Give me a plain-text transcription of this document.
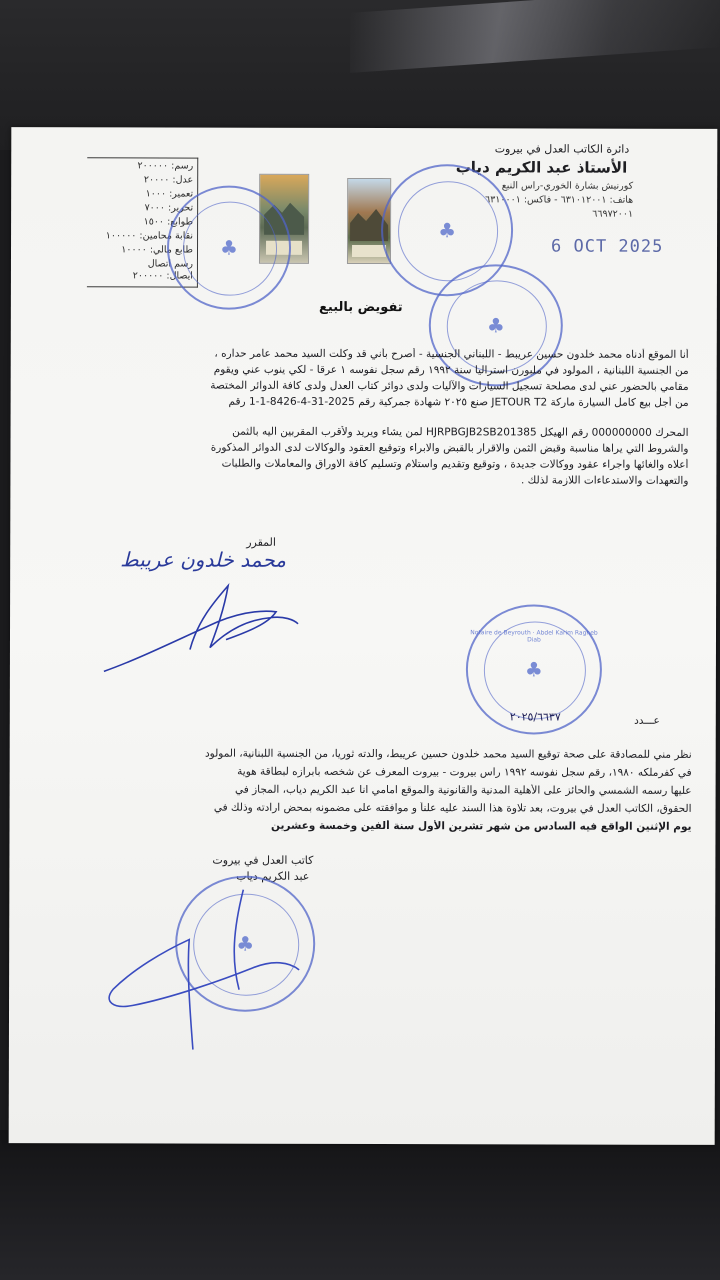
دائرة الكاتب العدل في بيروت
الأستاذ عبد الكريم دياب
كورنيش بشارة الخوري-راس النبع
هاتف: ٦٣١٠١٢٠٠١ - فاكس: ٦٣١٠٠٠١
٦٦٩٧٢٠٠١
رسم: ٢٠٠٠٠٠
عدل: ٢٠٠٠٠
تعمير: ١٠٠٠
تحرير: ٧٠٠٠
طوابع: ١٥٠٠
نقابة محامين: ١٠٠٠٠٠
طابع مالي: ١٠٠٠٠
رسم اتصال
ايصال: ٢٠٠٠٠٠
♣
♣
♣
6 OCT 2025
تفويض بالبيع
أنا الموقع أدناه محمد خلدون حسين عريبط - اللبناني الجنسية - أصرح بأني قد وكلت السيد محمد عامر حداره ،
من الجنسية اللبنانية ، المولود في ملبورن استراليا سنة ١٩٩٢ رقم سجل نفوسه ١ عرقا - لكي ينوب عني ويقوم
مقامي بالحضور عني لدى مصلحة تسجيل السيارات والآليات ولدى دوائر كتاب العدل ولدى كافة الدوائر المختصة
من أجل بيع كامل السيارة ماركة JETOUR T2 صنع ٢٠٢٥ شهادة جمركية رقم 2025-31-4-8426-1-1 رقم
المحرك 000000000 رقم الهيكل HJRPBGJB2SB201385 لمن يشاء ويريد ولأقرب المقربين اليه بالثمن
والشروط التي يراها مناسبة وقبض الثمن والاقرار بالقبض والابراء وتوقيع العقود والوكالات لدى الدوائر المذكورة
أعلاه والغائها واجراء عقود ووكالات جديدة ، وتوقيع وتقديم واستلام وتسليم كافة الاوراق والمعاملات والطلبات
والتعهدات والاستدعاءات اللازمة لذلك .
المقرر
محمد خلدون عريبط
♣
Notaire de Beyrouth · Abdel Karim Ragheb Diab
عـــدد
٢٠٢٥/٦٦٣٧
نظر مني للمصادقة على صحة توقيع السيد محمد خلدون حسين عريبط، والدته ثوريا، من الجنسية اللبنانية، المولود
في كفرملكه ١٩٨٠، رقم سجل نفوسه ١٩٩٢ راس بيروت - بيروت المعرف عن شخصه بابرازه لبطاقة هوية
عليها رسمه الشمسي والحائز على الأهلية المدنية والقانونية والموقع امامي انا عبد الكريم دياب، المجاز في
الحقوق، الكاتب العدل في بيروت، بعد تلاوة هذا السند عليه علناً و موافقته على مضمونه بمحض ارادته وذلك في
يوم الإثنين الواقع فيه السادس من شهر تشرين الأول سنة ألفين وخمسة وعشرين
كاتب العدل في بيروت
عبد الكريم دياب
♣
